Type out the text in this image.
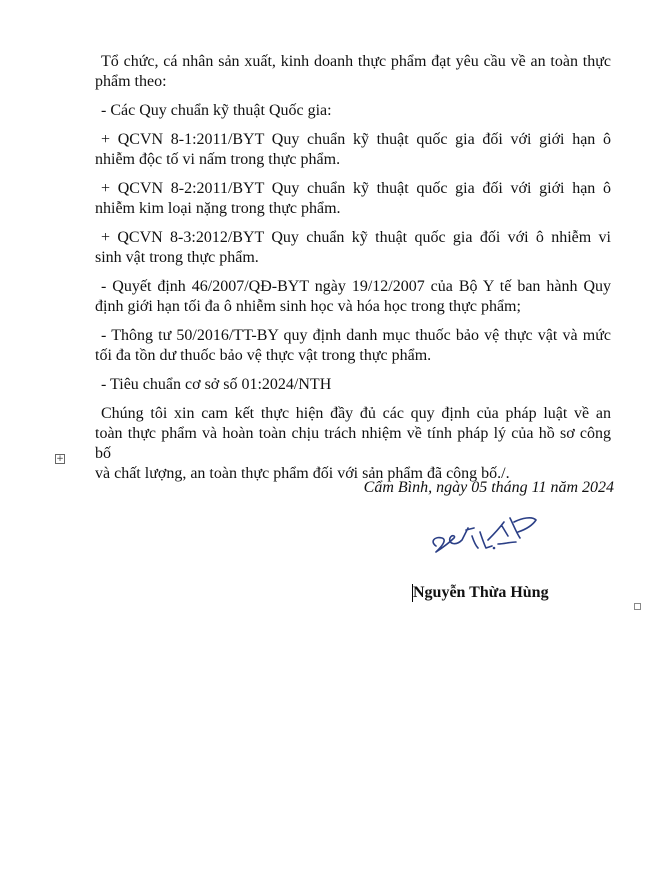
Tổ chức, cá nhân sản xuất, kinh doanh thực phẩm đạt yêu cầu về an toàn thực
phẩm theo:

- Các Quy chuẩn kỹ thuật Quốc gia:

+ QCVN 8-1:2011/BYT Quy chuẩn kỹ thuật quốc gia đối với giới hạn ô
nhiễm độc tố vi nấm trong thực phẩm.

+ QCVN 8-2:2011/BYT Quy chuẩn kỹ thuật quốc gia đối với giới hạn ô
nhiễm kim loại nặng trong thực phẩm.

+ QCVN 8-3:2012/BYT Quy chuẩn kỹ thuật quốc gia đối với ô nhiễm vi
sinh vật trong thực phẩm.

- Quyết định 46/2007/QĐ-BYT ngày 19/12/2007 của Bộ Y tế ban hành Quy
định giới hạn tối đa ô nhiễm sinh học và hóa học trong thực phẩm;

- Thông tư 50/2016/TT-BY quy định danh mục thuốc bảo vệ thực vật và mức
tối đa tồn dư thuốc bảo vệ thực vật trong thực phẩm.

- Tiêu chuẩn cơ sở số 01:2024/NTH

Chúng tôi xin cam kết thực hiện đầy đủ các quy định của pháp luật về an
toàn thực phẩm và hoàn toàn chịu trách nhiệm về tính pháp lý của hồ sơ công bố
và chất lượng, an toàn thực phẩm đối với sản phẩm đã công bố./.

+
Cẩm Bình, ngày 05 tháng 11 năm 2024
Nguyễn Thừa Hùng
